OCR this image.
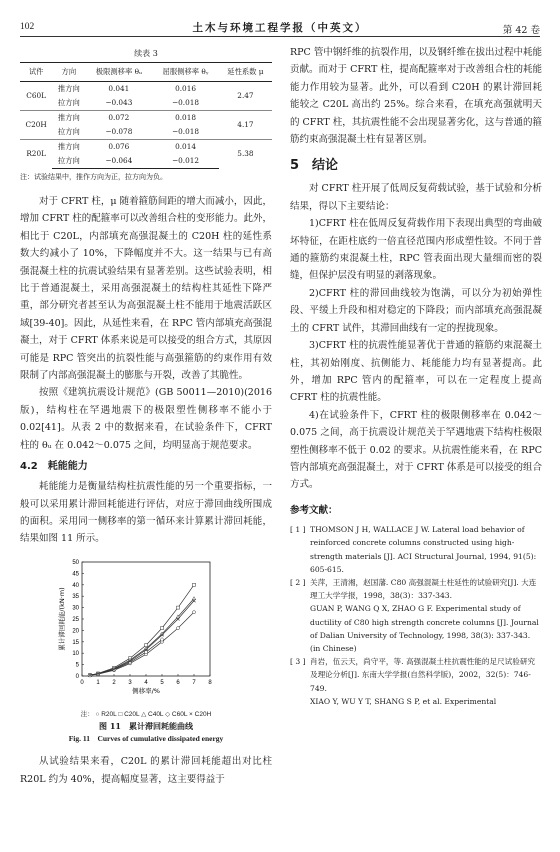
102	土木与环境工程学报（中英文）	第 42 卷
续表 3
试件	方向	极限测移率 θᵤ	屈服侧移率 θᵧ	延性系数 μ
C60L	推方向	0.041	0.016	2.47
	拉方向	−0.043	−0.018	
C20H	推方向	0.072	0.018	4.17
	拉方向	−0.078	−0.018	
R20L	推方向	0.076	0.014	5.38
	拉方向	−0.064	−0.012	
注：试验结果中，推作方向为正，拉方向为负。

对于 CFRT 柱，μ 随着箍筋间距的增大而减小，因此，增加 CFRT 柱的配箍率可以改善组合柱的变形能力。此外，相比于 C20L，内部填充高强混凝土的 C20H 柱的延性系数大约减小了 10%，下降幅度并不大。这一结果与已有高强混凝土柱的抗震试验结果有显著差别。这些试验表明，相比于普通混凝土，采用高强混凝土的结构柱其延性下降严重，部分研究者甚至认为高强混凝土柱不能用于地震活跃区域[39-40]。因此，从延性来看，在 RPC 管内部填充高强混凝土，对于 CFRT 体系来说是可以接受的组合方式，其原因可能是 RPC 管突出的抗裂性能与高强箍筋的约束作用有效限制了内部高强混凝土的膨胀与开裂，改善了其脆性。

按照《建筑抗震设计规范》(GB 50011—2010)(2016 版)，结构柱在罕遇地震下的极限塑性侧移率不能小于 0.02[41]。从表 2 中的数据来看，在试验条件下，CFRT 柱的 θᵤ 在 0.042～0.075 之间，均明显高于规范要求。

4.2　耗能能力

耗能能力是衡量结构柱抗震性能的另一个重要指标，一般可以采用累计滞回耗能进行评估，对应于滞回曲线所围成的面积。采用同一侧移率的第一循环来计算累计滞回耗能，结果如图 11 所示。

0 1 2 3 4 5 6 7 8
0
5
10
15
20
25
30
35
40
45
50
侧移率/%
累计滞回耗能/(kN·m)
注： ○ R20L □ C20L △ C40L ◇ C60L × C20H
图 11　累计滞回耗能曲线
Fig. 11　Curves of cumulative dissipated energy

从试验结果来看，C20L 的累计滞回耗能超出对比柱 R20L 约为 40%，提高幅度显著，这主要得益于

RPC 管中钢纤维的抗裂作用，以及钢纤维在拔出过程中耗能贡献。而对于 CFRT 柱，提高配箍率对于改善组合柱的耗能能力作用较为显著。此外，可以看到 C20H 的累计滞回耗能较之 C20L 高出约 25%。综合来看，在填充高强就明天的 CFRT 柱，其抗震性能不会出现显著劣化，这与普通的箍筋约束高强混凝土柱有显著区别。

5　结论

对 CFRT 柱开展了低周反复荷载试验，基于试验和分析结果，得以下主要结论：

1)CFRT 柱在低周反复荷载作用下表现出典型的弯曲破坏特征，在距柱底约一倍直径范围内形成塑性铰。不同于普通的箍筋约束混凝土柱，RPC 管表面出现大量细而密的裂缝，但保护层没有明显的剥落现象。

2)CFRT 柱的滞回曲线较为饱满，可以分为初始弹性段、平缓上升段和相对稳定的下降段；而内部填充高强混凝土的 CFRT 试件，其滞回曲线有一定的捏拢现象。

3)CFRT 柱的抗震性能显著优于普通的箍筋约束混凝土柱，其初始刚度、抗侧能力、耗能能力均有显著提高。此外，增加 RPC 管内的配箍率，可以在一定程度上提高 CFRT 柱的抗震性能。

4)在试验条件下，CFRT 柱的极限侧移率在 0.042～0.075 之间，高于抗震设计规范关于罕遇地震下结构柱极限塑性侧移率不低于 0.02 的要求。从抗震性能来看，在 RPC 管内部填充高强混凝土，对于 CFRT 体系是可以接受的组合方式。

参考文献：
[ 1 ] THOMSON J H, WALLACE J W. Lateral load behavior of reinforced concrete columns constructed using high-strength materials [J]. ACI Structural Journal, 1994, 91(5): 605-615.
[ 2 ] 关萍，王清湘，赵国藩. C80 高强混凝土柱延性的试验研究[J]. 大连理工大学学报，1998，38(3)：337-343.
GUAN P, WANG Q X, ZHAO G F. Experimental study of ductility of C80 high strength concrete columns [J]. Journal of Dalian University of Technology, 1998, 38(3): 337-343. (in Chinese)
[ 3 ] 肖岩，伍云天，尚守平，等. 高强混凝土柱抗震性能的足尺试验研究及理论分析[J]. 东南大学学报(自然科学版)，2002，32(5)：746-749.
XIAO Y, WU Y T, SHANG S P, et al. Experimental
